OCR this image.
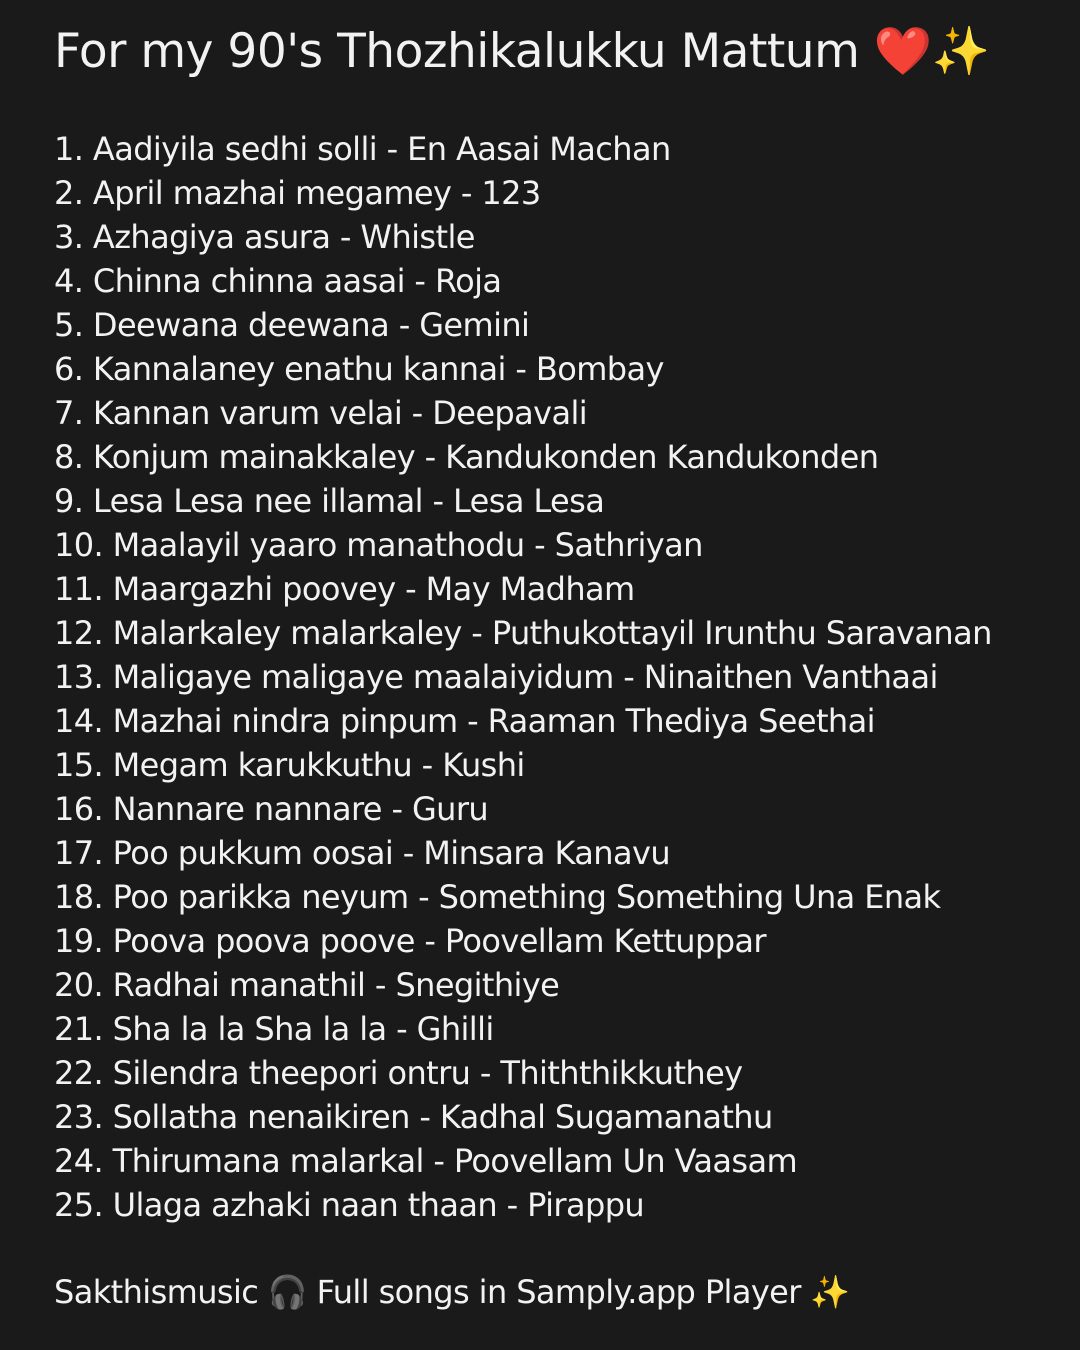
For my 90's Thozhikalukku Mattum ❤️✨
1. Aadiyila sedhi solli - En Aasai Machan
2. April mazhai megamey - 123
3. Azhagiya asura - Whistle
4. Chinna chinna aasai - Roja
5. Deewana deewana - Gemini
6. Kannalaney enathu kannai - Bombay
7. Kannan varum velai - Deepavali
8. Konjum mainakkaley - Kandukonden Kandukonden
9. Lesa Lesa nee illamal - Lesa Lesa
10. Maalayil yaaro manathodu - Sathriyan
11. Maargazhi poovey - May Madham
12. Malarkaley malarkaley - Puthukottayil Irunthu Saravanan
13. Maligaye maligaye maalaiyidum - Ninaithen Vanthaai
14. Mazhai nindra pinpum - Raaman Thediya Seethai
15. Megam karukkuthu - Kushi
16. Nannare nannare - Guru
17. Poo pukkum oosai - Minsara Kanavu
18. Poo parikka neyum - Something Something Una Enak
19. Poova poova poove - Poovellam Kettuppar
20. Radhai manathil - Snegithiye
21. Sha la la Sha la la - Ghilli
22. Silendra theepori ontru - Thiththikkuthey
23. Sollatha nenaikiren - Kadhal Sugamanathu
24. Thirumana malarkal - Poovellam Un Vaasam
25. Ulaga azhaki naan thaan - Pirappu
Sakthismusic 🎧 Full songs in Samply.app Player ✨
